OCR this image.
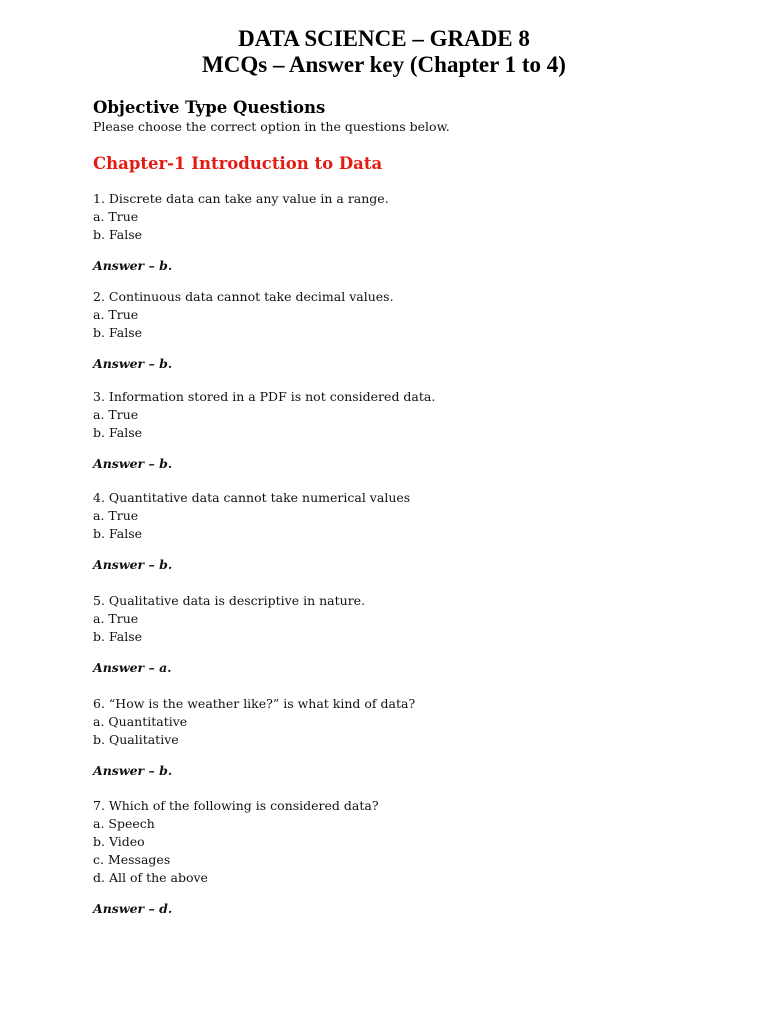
DATA SCIENCE – GRADE 8
MCQs – Answer key (Chapter 1 to 4)
Objective Type Questions
Please choose the correct option in the questions below.
Chapter-1 Introduction to Data
1. Discrete data can take any value in a range.
a. True
b. False
Answer – b.
2. Continuous data cannot take decimal values.
a. True
b. False
Answer – b.
3. Information stored in a PDF is not considered data.
a. True
b. False
Answer – b.
4. Quantitative data cannot take numerical values
a. True
b. False
Answer – b.
5. Qualitative data is descriptive in nature.
a. True
b. False
Answer – a.
6. “How is the weather like?” is what kind of data?
a. Quantitative
b. Qualitative
Answer – b.
7. Which of the following is considered data?
a. Speech
b. Video
c. Messages
d. All of the above
Answer – d.
